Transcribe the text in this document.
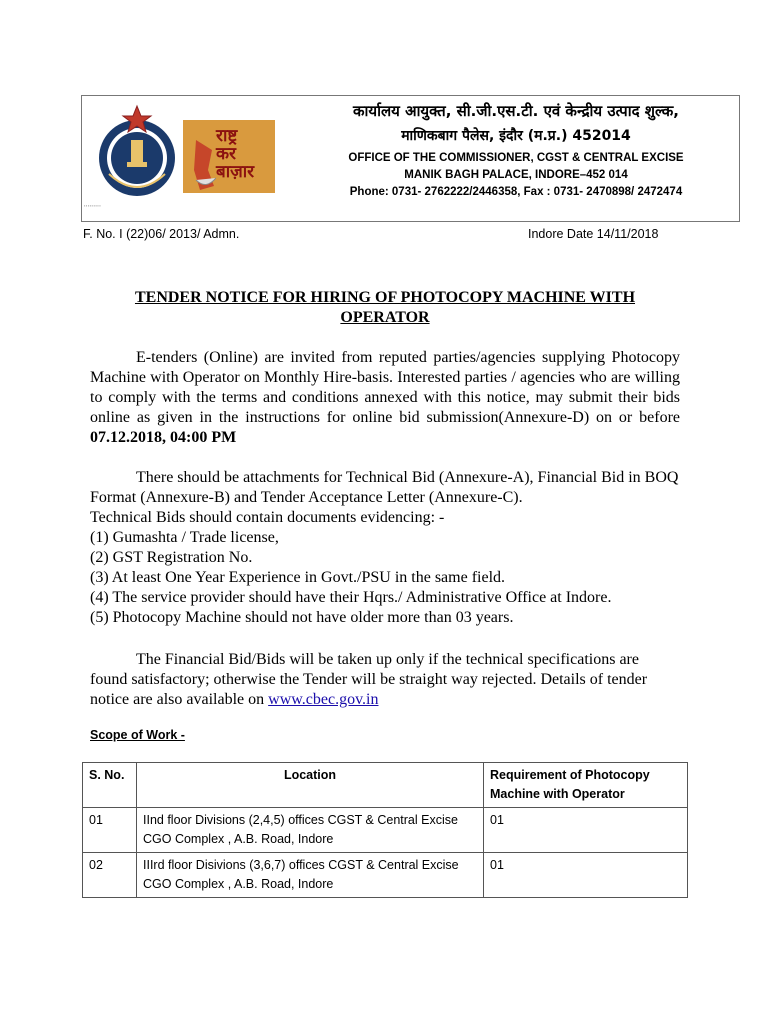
▪▪▪▪▪▪▪▪▪
राष्ट्र
कर
बाज़ार
कार्यालय आयुक्त, सी.जी.एस.टी. एवं केन्द्रीय उत्पाद शुल्क,
माणिकबाग पैलेस, इंदौर (म.प्र.) 452014
OFFICE OF THE COMMISSIONER, CGST & CENTRAL EXCISE
MANIK BAGH PALACE, INDORE–452 014
Phone: 0731- 2762222/2446358, Fax : 0731- 2470898/ 2472474
F. No. I (22)06/ 2013/ Admn.	Indore Date 14/11/2018
TENDER NOTICE FOR HIRING OF PHOTOCOPY MACHINE WITH OPERATOR
E-tenders (Online) are invited from reputed parties/agencies supplying Photocopy Machine with Operator on Monthly Hire-basis. Interested parties / agencies who are willing to comply with the terms and conditions annexed with this notice, may submit their bids online as given in the instructions for online bid submission(Annexure-D) on or before 07.12.2018, 04:00 PM
There should be attachments for Technical Bid (Annexure-A), Financial Bid in BOQ Format (Annexure-B) and Tender Acceptance Letter (Annexure-C).
Technical Bids should contain documents evidencing: -
(1) Gumashta / Trade license,
(2) GST Registration No.
(3) At least One Year Experience in Govt./PSU in the same field.
(4) The service provider should have their Hqrs./ Administrative Office at Indore.
(5) Photocopy Machine should not have older more than 03 years.
The Financial Bid/Bids will be taken up only if the technical specifications are found satisfactory; otherwise the Tender will be straight way rejected. Details of tender notice are also available on www.cbec.gov.in
Scope of Work -
S. No.	Location	Requirement of Photocopy Machine with Operator
01	IInd floor Divisions (2,4,5) offices CGST & Central Excise CGO Complex , A.B. Road, Indore	01
02	IIIrd floor Disivions (3,6,7) offices CGST & Central Excise CGO Complex , A.B. Road, Indore	01
